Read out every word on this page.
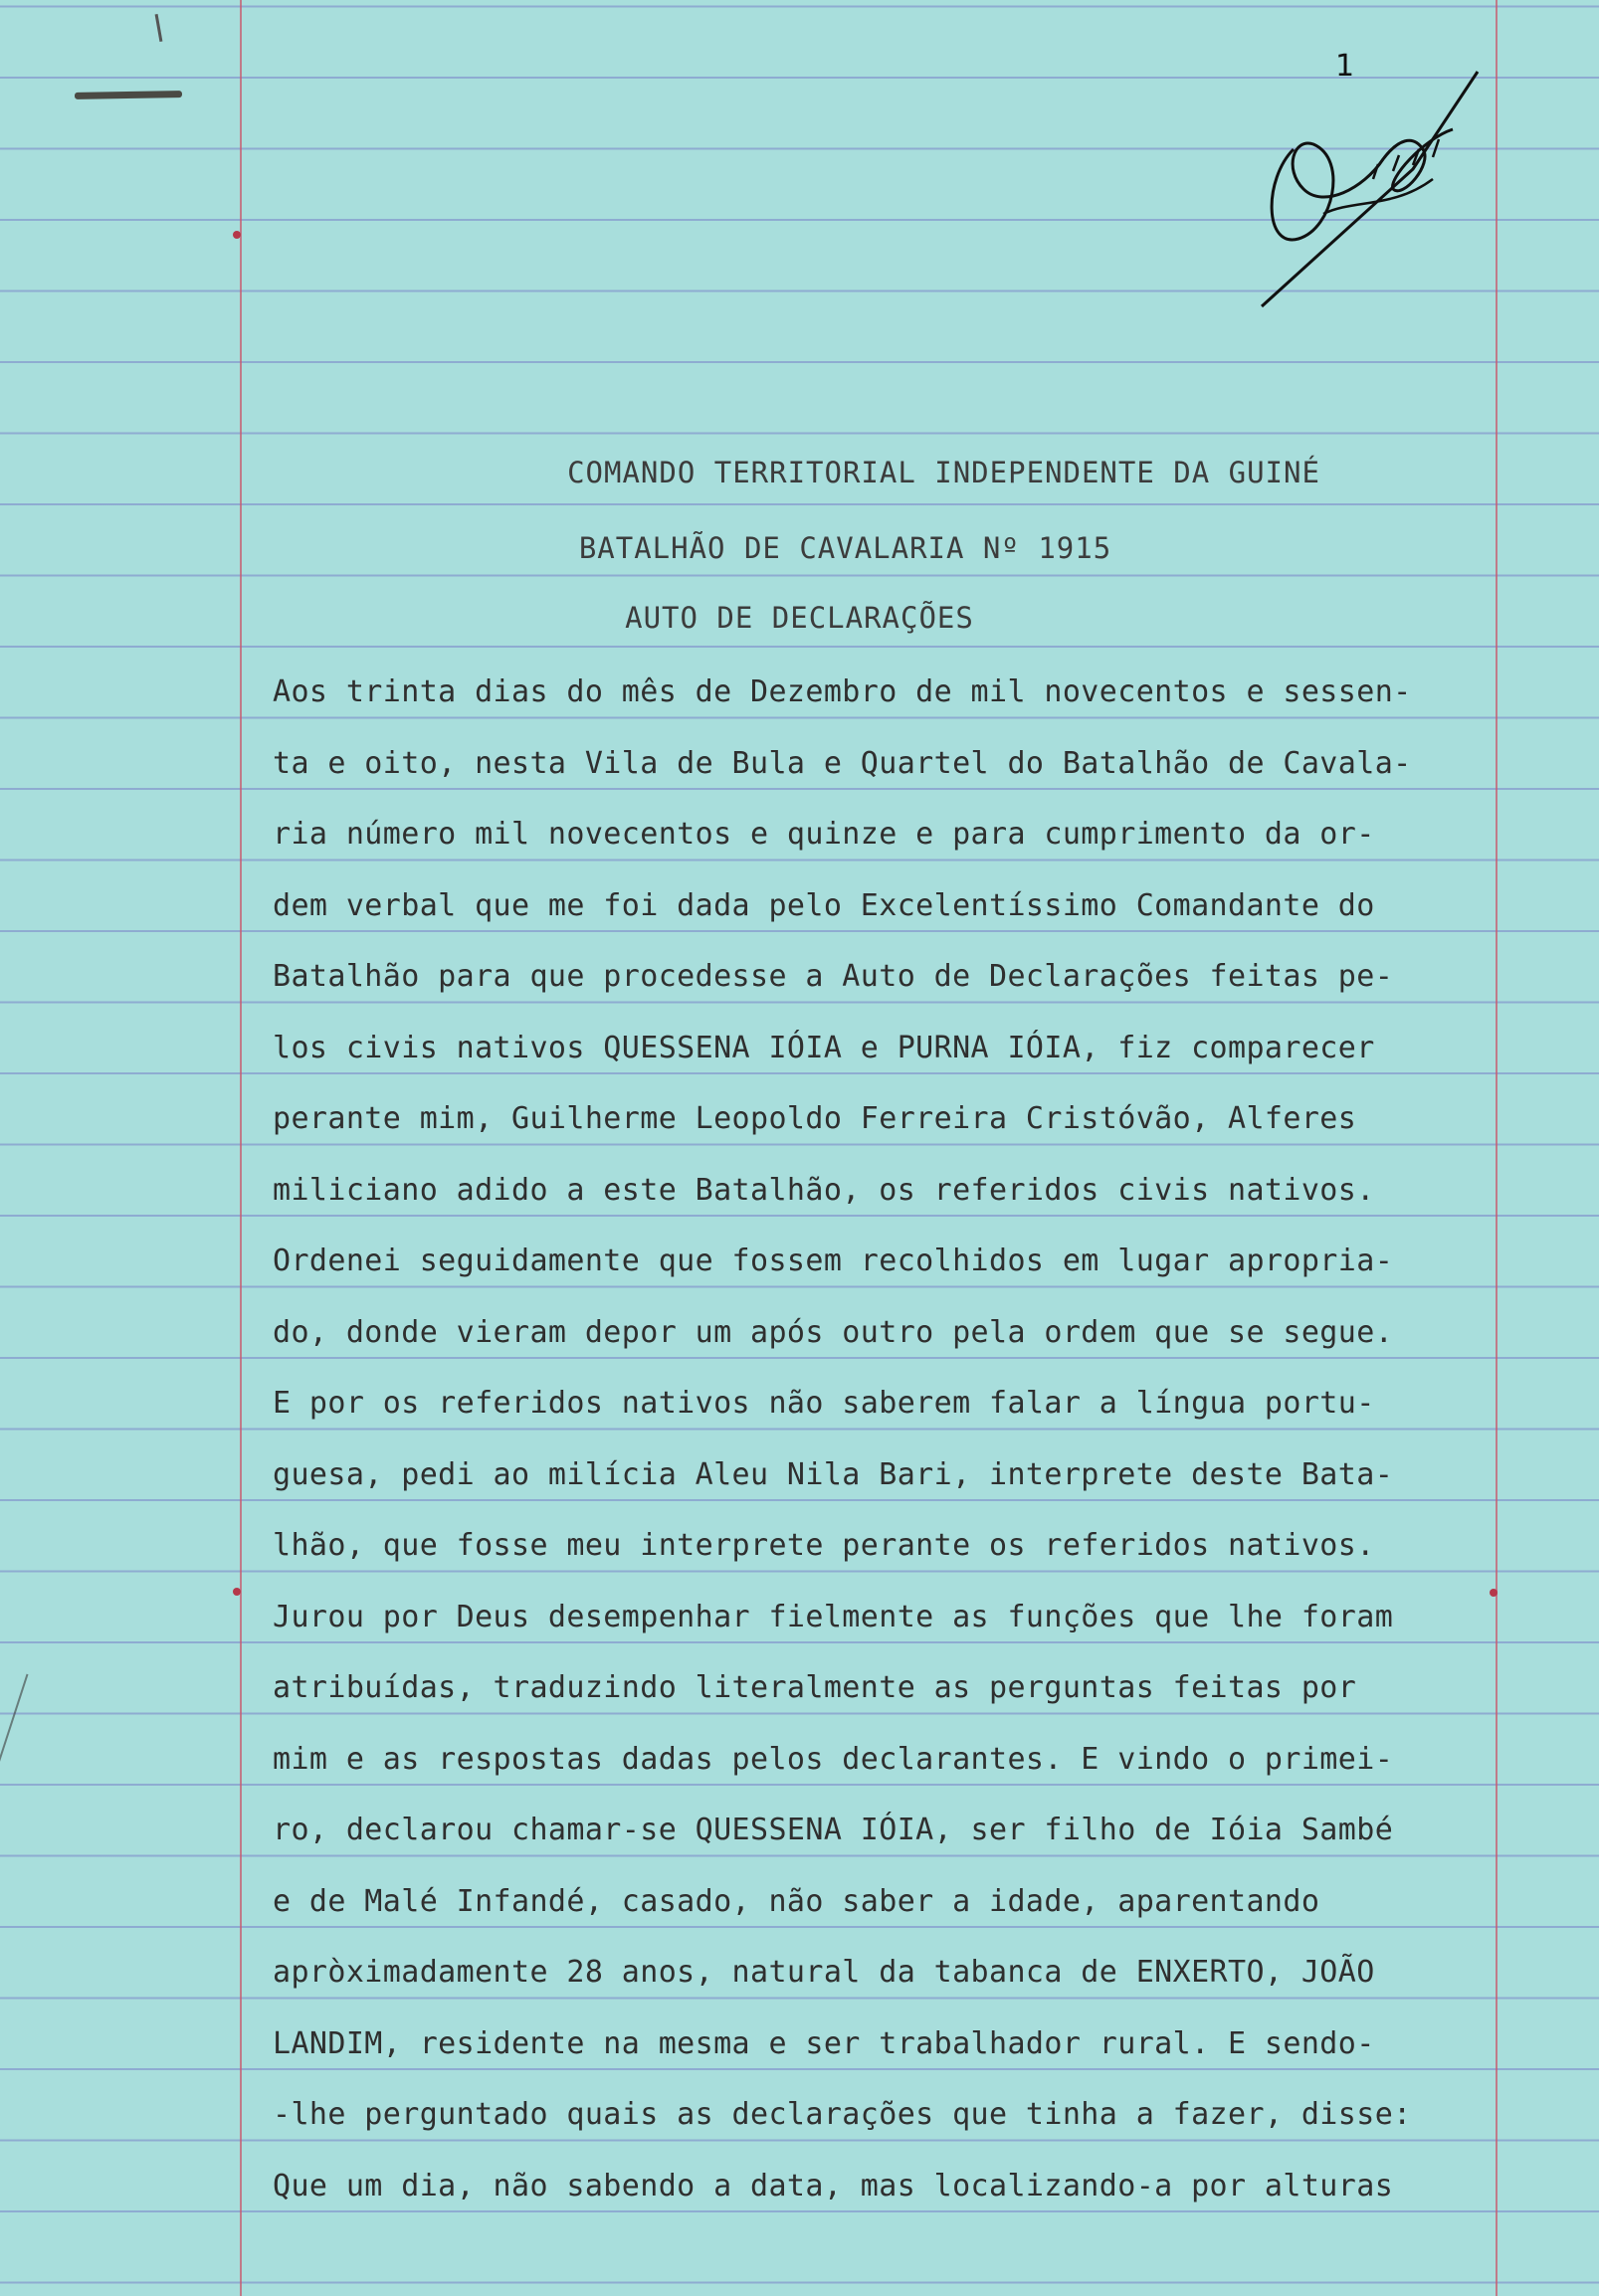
1
COMANDO TERRITORIAL INDEPENDENTE DA GUINÉ
BATALHÃO DE CAVALARIA Nº 1915
AUTO DE DECLARAÇÕES
Aos trinta dias do mês de Dezembro de mil novecentos e sessen-
ta e oito, nesta Vila de Bula e Quartel do Batalhão de Cavala-
ria número mil novecentos e quinze e para cumprimento da or-
dem verbal que me foi dada pelo Excelentíssimo Comandante do
Batalhão para que procedesse a Auto de Declarações feitas pe-
los civis nativos QUESSENA IÓIA e PURNA IÓIA, fiz comparecer
perante mim, Guilherme Leopoldo Ferreira Cristóvão, Alferes
miliciano adido a este Batalhão, os referidos civis nativos.
Ordenei seguidamente que fossem recolhidos em lugar apropria-
do, donde vieram depor um após outro pela ordem que se segue.
E por os referidos nativos não saberem falar a língua portu-
guesa, pedi ao milícia Aleu Nila Bari, interprete deste Bata-
lhão, que fosse meu interprete perante os referidos nativos.
Jurou por Deus desempenhar fielmente as funções que lhe foram
atribuídas, traduzindo literalmente as perguntas feitas por
mim e as respostas dadas pelos declarantes. E vindo o primei-
ro, declarou chamar-se QUESSENA IÓIA, ser filho de Ióia Sambé
e de Malé Infandé, casado, não saber a idade, aparentando
apròximadamente 28 anos, natural da tabanca de ENXERTO, JOÃO
LANDIM, residente na mesma e ser trabalhador rural. E sendo-
-lhe perguntado quais as declarações que tinha a fazer, disse:
Que um dia, não sabendo a data, mas localizando-a por alturas
